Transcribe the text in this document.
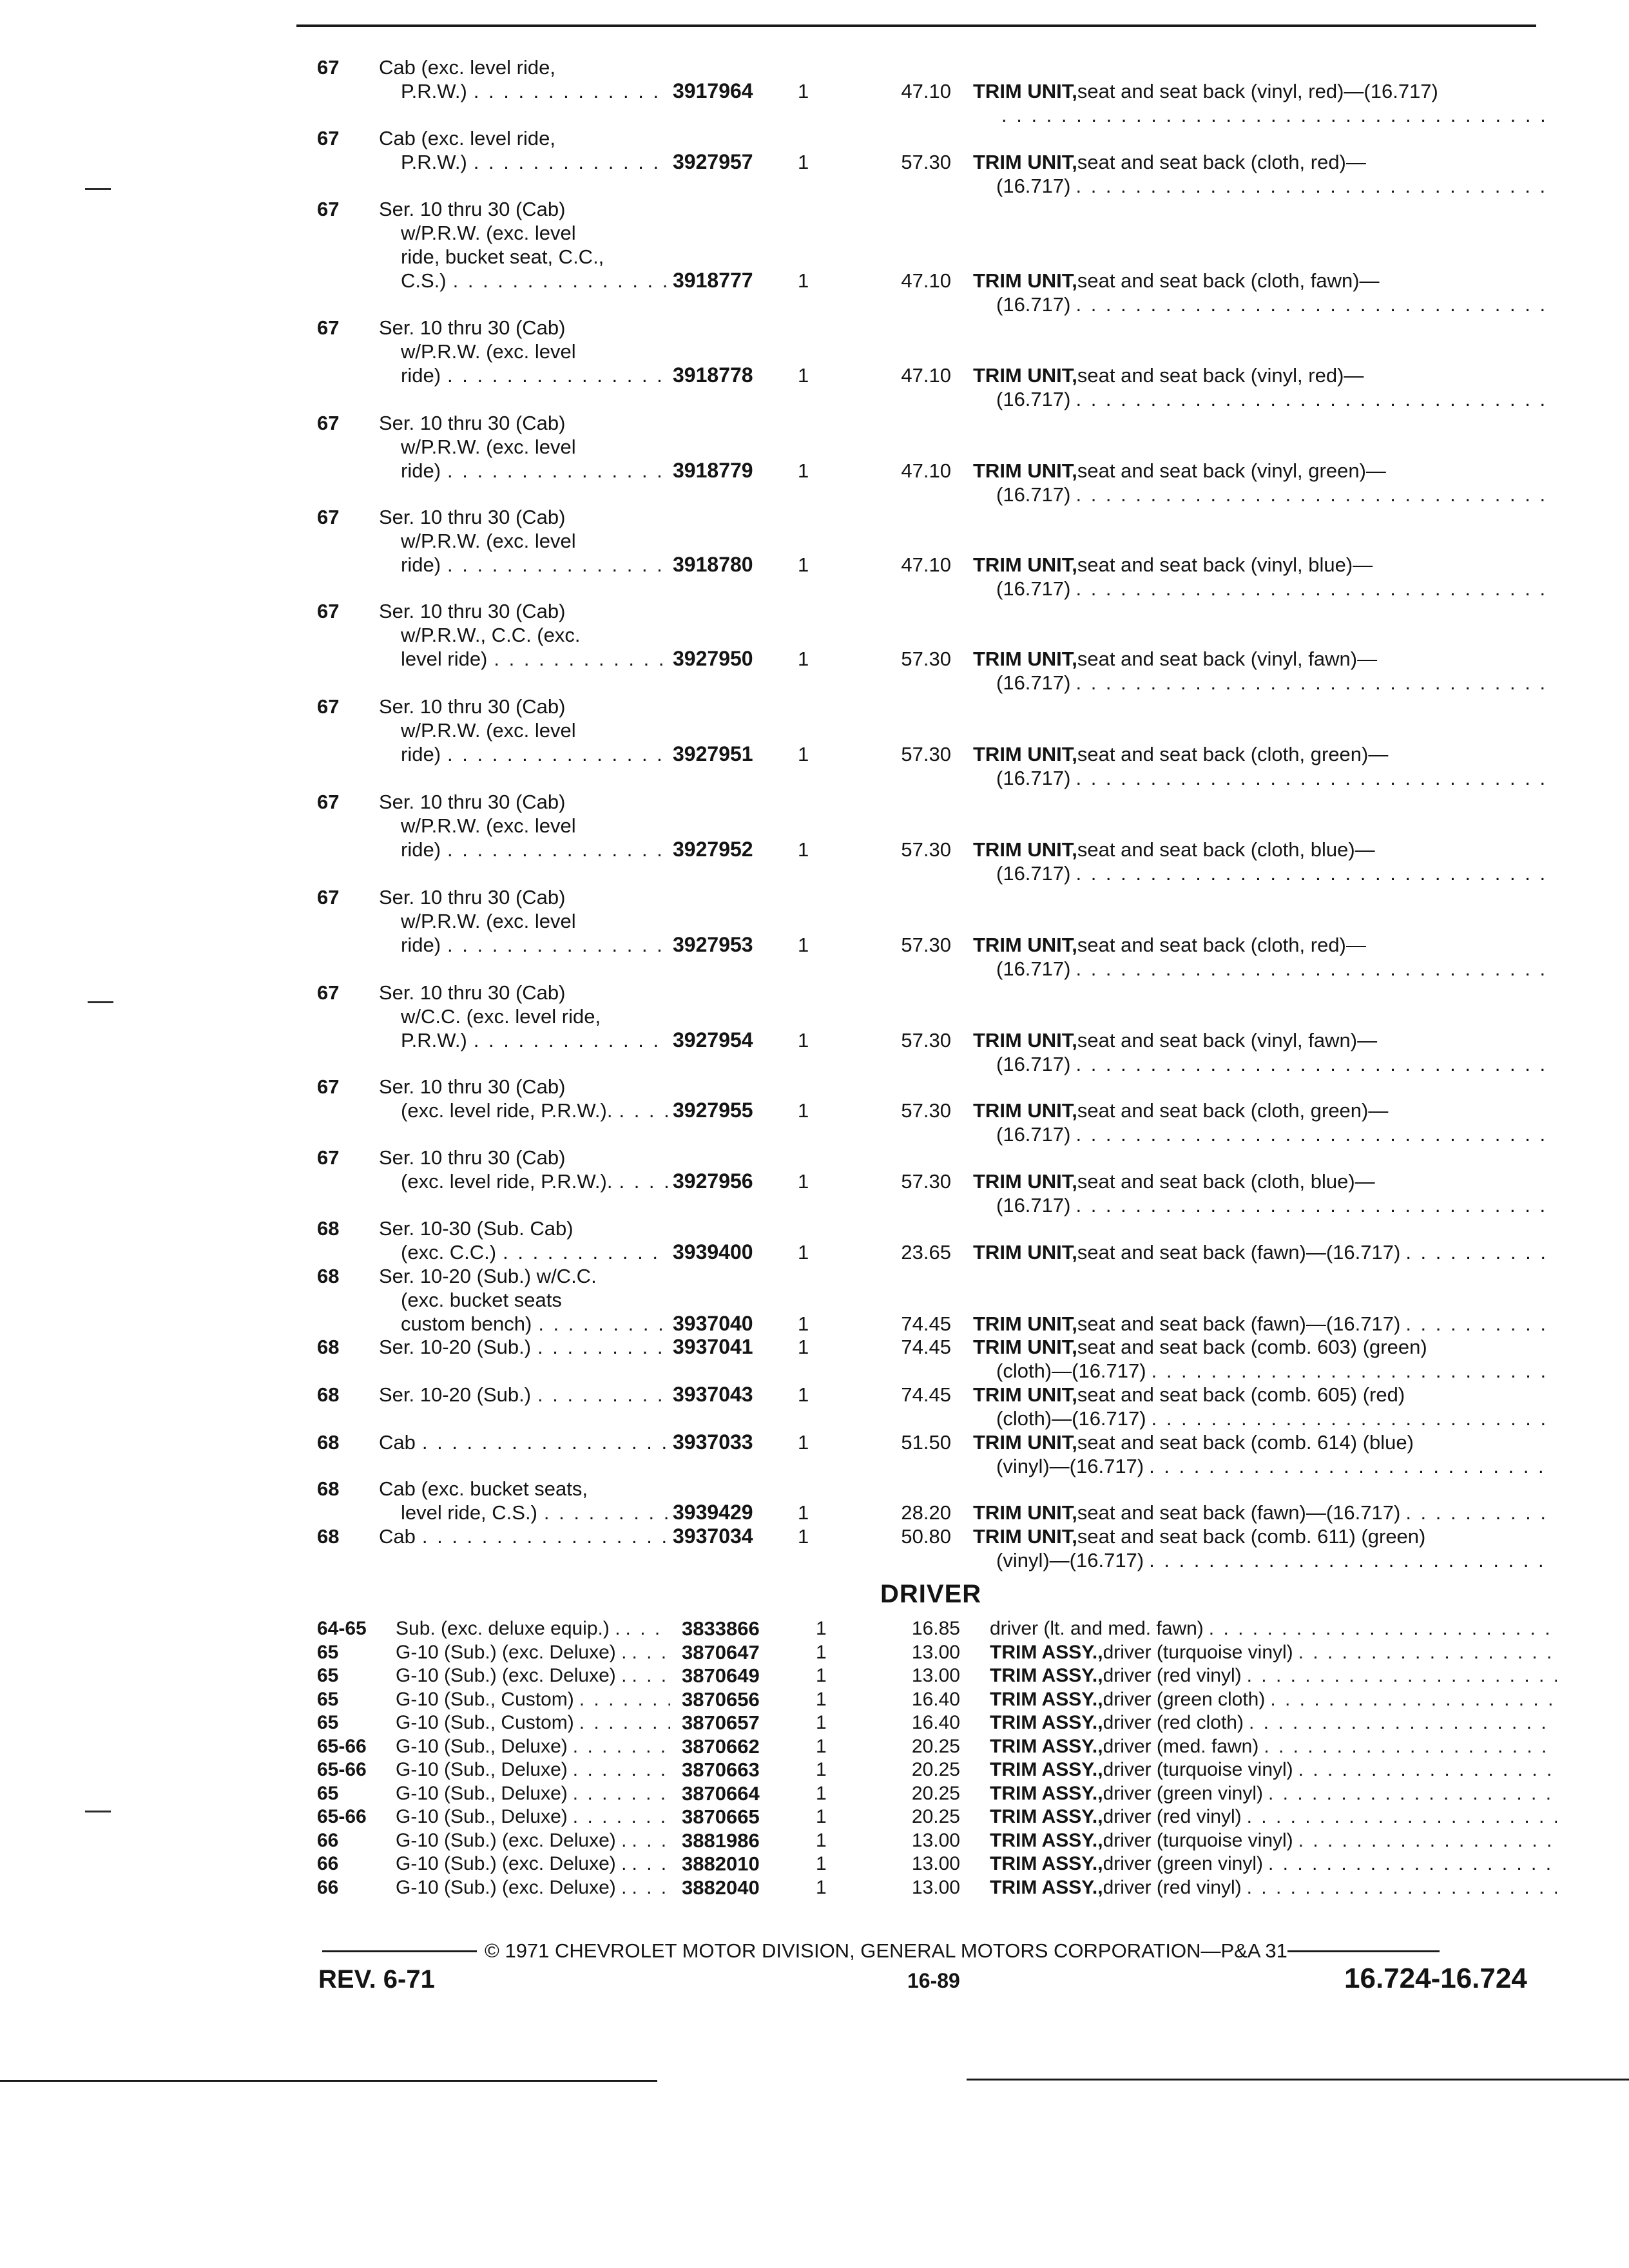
67 Cab (exc. level ride,
P.R.W.) . . .	3917964 1	47.10 TRIM UNIT, seat and seat back (vinyl, red)—(16.717)
. . .
67 Cab (exc. level ride,
P.R.W.) . . .	3927957 1	57.30 TRIM UNIT, seat and seat back (cloth, red)—
(16.717)
. . .
67 Ser. 10 thru 30 (Cab)
w/P.R.W. (exc. level
ride, bucket seat, C.C.,
C.S.) . . .	3918777 1	47.10 TRIM UNIT, seat and seat back (cloth, fawn)—
(16.717)
. . .
67 Ser. 10 thru 30 (Cab)
w/P.R.W. (exc. level
ride) . . .	3918778 1	47.10 TRIM UNIT, seat and seat back (vinyl, red)—
(16.717)
. . .
67 Ser. 10 thru 30 (Cab)
w/P.R.W. (exc. level
ride) . . .	3918779 1	47.10 TRIM UNIT, seat and seat back (vinyl, green)—
(16.717)
. . .
67 Ser. 10 thru 30 (Cab)
w/P.R.W. (exc. level
ride) . . .	3918780 1	47.10 TRIM UNIT, seat and seat back (vinyl, blue)—
(16.717)
. . .
67 Ser. 10 thru 30 (Cab)
w/P.R.W., C.C. (exc.
level ride) . . .	3927950 1	57.30 TRIM UNIT, seat and seat back (vinyl, fawn)—
(16.717)
. . .
67 Ser. 10 thru 30 (Cab)
w/P.R.W. (exc. level
ride) . . .	3927951 1	57.30 TRIM UNIT, seat and seat back (cloth, green)—
(16.717)
. . .
67 Ser. 10 thru 30 (Cab)
w/P.R.W. (exc. level
ride) . . .	3927952 1	57.30 TRIM UNIT, seat and seat back (cloth, blue)—
(16.717)
. . .
67 Ser. 10 thru 30 (Cab)
w/P.R.W. (exc. level
ride) . . .	3927953 1	57.30 TRIM UNIT, seat and seat back (cloth, red)—
(16.717)
. . .
67 Ser. 10 thru 30 (Cab)
w/C.C. (exc. level ride,
P.R.W.) . . .	3927954 1	57.30 TRIM UNIT, seat and seat back (vinyl, fawn)—
(16.717)
. . .
67 Ser. 10 thru 30 (Cab)
(exc. level ride, P.R.W.). . . .	3927955 1	57.30 TRIM UNIT, seat and seat back (cloth, green)—
(16.717)
. . .
67 Ser. 10 thru 30 (Cab)
(exc. level ride, P.R.W.). . . .	3927956 1	57.30 TRIM UNIT, seat and seat back (cloth, blue)—
(16.717)
. . .
68 Ser. 10-30 (Sub. Cab)
(exc. C.C.) . . .	3939400 1	23.65 TRIM UNIT, seat and seat back (fawn)—(16.717)
. . .
68 Ser. 10-20 (Sub.) w/C.C.
(exc. bucket seats
custom bench) . . .	3937040 1	74.45 TRIM UNIT, seat and seat back (fawn)—(16.717)
. . .
68 Ser. 10-20 (Sub.) . . .	3937041 1	74.45 TRIM UNIT, seat and seat back (comb. 603) (green)
(cloth)—(16.717)
. . .
68 Ser. 10-20 (Sub.) . . .	3937043 1	74.45 TRIM UNIT, seat and seat back (comb. 605) (red)
(cloth)—(16.717)
. . .
68 Cab . . .	3937033 1	51.50 TRIM UNIT, seat and seat back (comb. 614) (blue)
(vinyl)—(16.717)
. . .
68 Cab (exc. bucket seats,
level ride, C.S.) . . .	3939429 1	28.20 TRIM UNIT, seat and seat back (fawn)—(16.717)
. . .
68 Cab . . .	3937034 1	50.80 TRIM UNIT, seat and seat back (comb. 611) (green)
(vinyl)—(16.717)
. . .
DRIVER
64-65 Sub. (exc. deluxe equip.) . . . .	3833866	1	16.85 driver (lt. and med. fawn)
. . .
65	G-10 (Sub.) (exc. Deluxe) . . . .	3870647	1	13.00 TRIM ASSY., driver (turquoise vinyl)
. . .
65	G-10 (Sub.) (exc. Deluxe) . . . .	3870649	1	13.00 TRIM ASSY., driver (red vinyl)
. . .
65	G-10 (Sub., Custom) . . .	3870656	1	16.40 TRIM ASSY., driver (green cloth)
. . .
65	G-10 (Sub., Custom) . . .	3870657	1	16.40 TRIM ASSY., driver (red cloth)
. . .
65-66 G-10 (Sub., Deluxe) . . .	3870662	1	20.25 TRIM ASSY., driver (med. fawn)
. . .
65-66 G-10 (Sub., Deluxe) . . .	3870663	1	20.25 TRIM ASSY., driver (turquoise vinyl)
. . .
65	G-10 (Sub., Deluxe) . . .	3870664	1	20.25 TRIM ASSY., driver (green vinyl)
. . .
65-66 G-10 (Sub., Deluxe) . . .	3870665	1	20.25 TRIM ASSY., driver (red vinyl)
. . .
66	G-10 (Sub.) (exc. Deluxe) . . . .	3881986	1	13.00 TRIM ASSY., driver (turquoise vinyl)
. . .
66	G-10 (Sub.) (exc. Deluxe) . . . .	3882010	1	13.00 TRIM ASSY., driver (green vinyl)
. . .
66	G-10 (Sub.) (exc. Deluxe) . . . .	3882040	1	13.00 TRIM ASSY., driver (red vinyl)
. . .
© 1971 CHEVROLET MOTOR DIVISION, GENERAL MOTORS CORPORATION—P&A 31
REV. 6-71	16-89	16.724-16.724
